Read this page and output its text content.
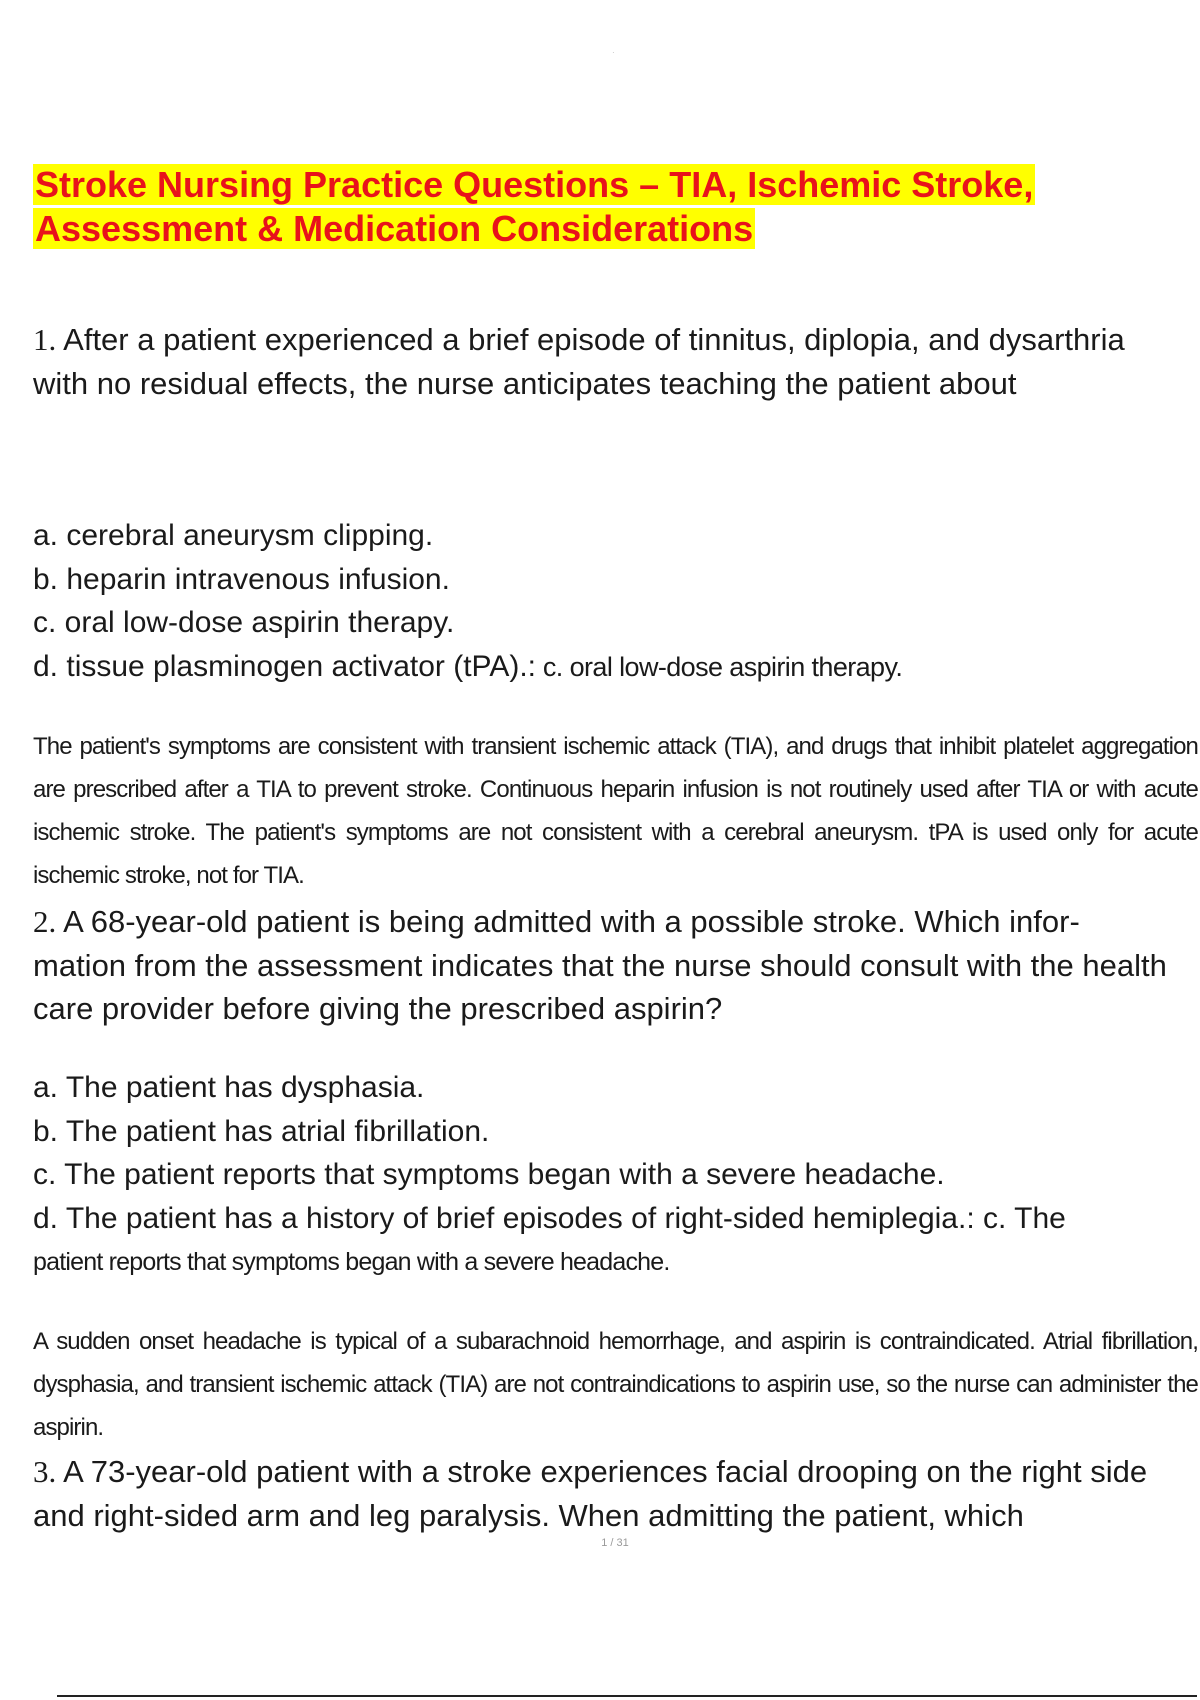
·
Stroke Nursing Practice Questions – TIA, Ischemic Stroke, Assessment & Medication Considerations

1. After a patient experienced a brief episode of tinnitus, diplopia, and dysarthria with no residual effects, the nurse anticipates teaching the patient about

a. cerebral aneurysm clipping.
b. heparin intravenous infusion.
c. oral low-dose aspirin therapy.
d. tissue plasminogen activator (tPA).: c. oral low-dose aspirin therapy.

The patient's symptoms are consistent with transient ischemic attack (TIA), and drugs that inhibit platelet aggregation are prescribed after a TIA to prevent stroke. Continuous heparin infusion is not routinely used after TIA or with acute ischemic stroke. The patient's symptoms are not consistent with a cerebral aneurysm. tPA is used only for acute ischemic stroke, not for TIA.

2. A 68-year-old patient is being admitted with a possible stroke. Which infor- mation from the assessment indicates that the nurse should consult with the health care provider before giving the prescribed aspirin?

a. The patient has dysphasia.
b. The patient has atrial fibrillation.
c. The patient reports that symptoms began with a severe headache.
d. The patient has a history of brief episodes of right-sided hemiplegia.: c. The

patient reports that symptoms began with a severe headache.

A sudden onset headache is typical of a subarachnoid hemorrhage, and aspirin is contraindicated. Atrial fibrillation, dysphasia, and transient ischemic attack (TIA) are not contraindications to aspirin use, so the nurse can administer the aspirin.

3. A 73-year-old patient with a stroke experiences facial drooping on the right side and right-sided arm and leg paralysis. When admitting the patient, which

1 / 31
